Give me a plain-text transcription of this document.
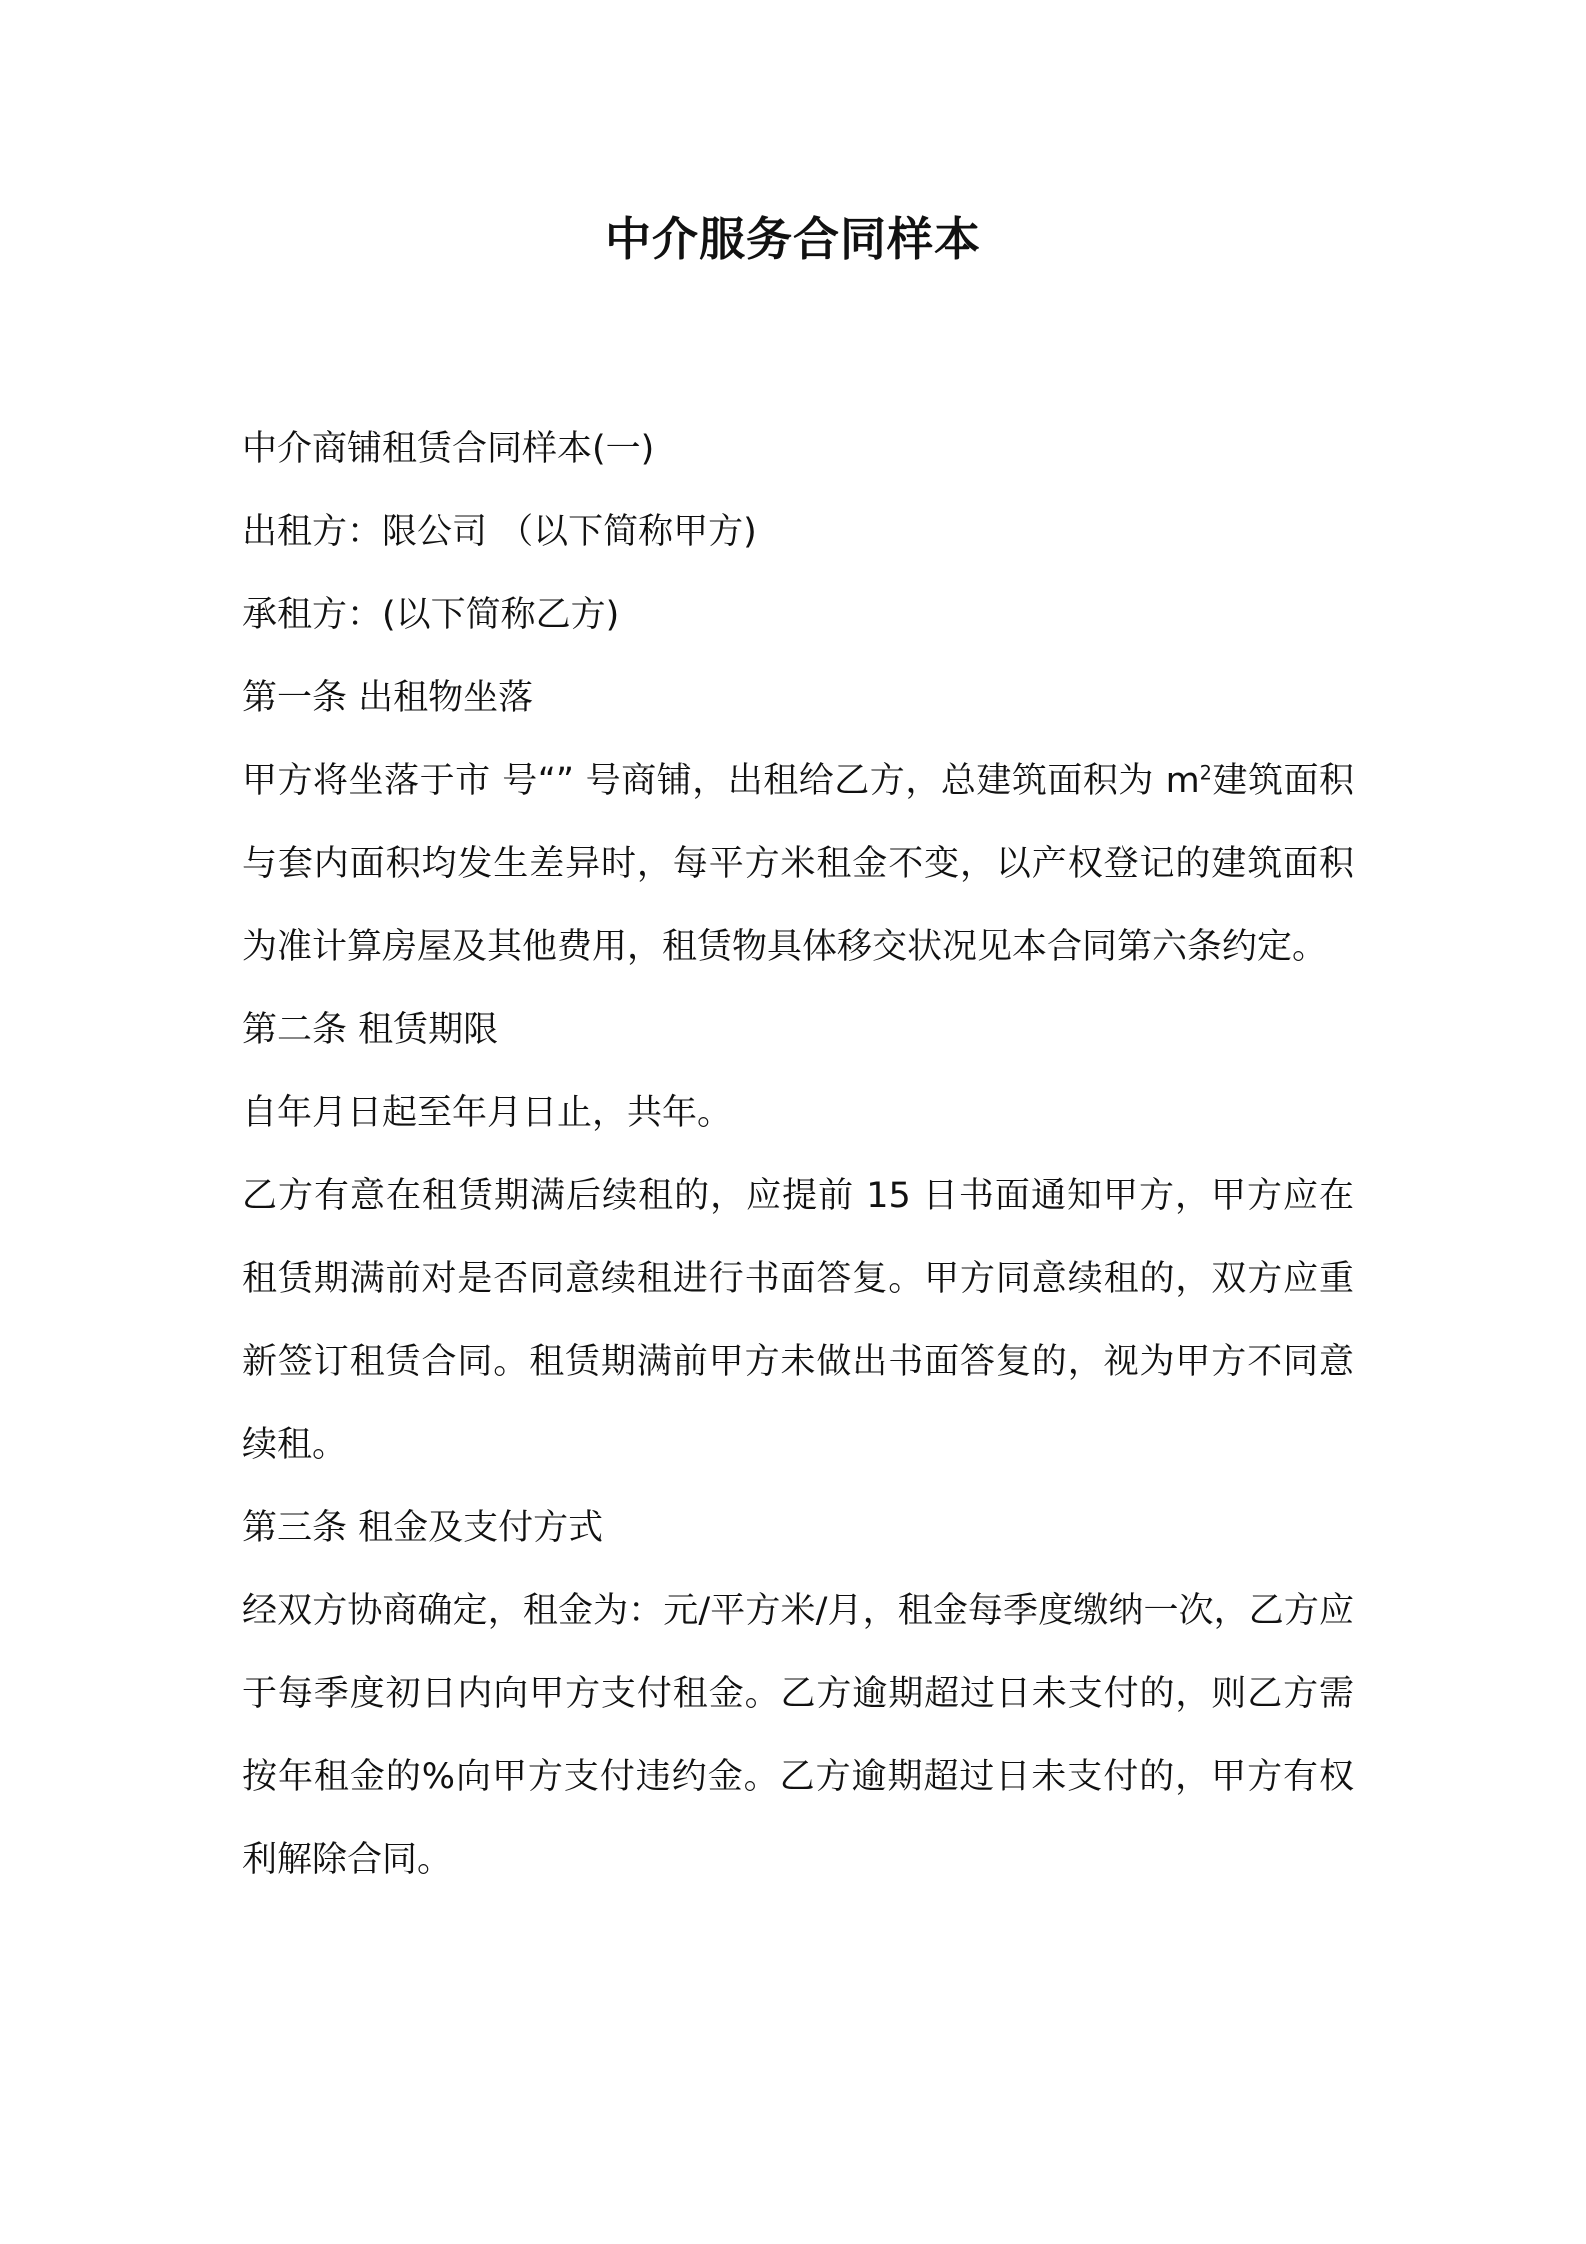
中介服务合同样本

中介商铺租赁合同样本(一)

出租方：限公司 （以下简称甲方)

承租方：(以下简称乙方)

第一条 出租物坐落

甲方将坐落于市 号“” 号商铺，出租给乙方，总建筑面积为 $m^2$建筑面积与套内面积均发生差异时，每平方米租金不变，以产权登记的建筑面积为准计算房屋及其他费用，租赁物具体移交状况见本合同第六条约定。

第二条 租赁期限

自年月日起至年月日止，共年。

乙方有意在租赁期满后续租的，应提前 15 日书面通知甲方，甲方应在租赁期满前对是否同意续租进行书面答复。甲方同意续租的，双方应重新签订租赁合同。租赁期满前甲方未做出书面答复的，视为甲方不同意续租。

第三条 租金及支付方式

经双方协商确定，租金为：元/平方米/月，租金每季度缴纳一次，乙方应于每季度初日内向甲方支付租金。乙方逾期超过日未支付的，则乙方需按年租金的%向甲方支付违约金。乙方逾期超过日未支付的，甲方有权利解除合同。
